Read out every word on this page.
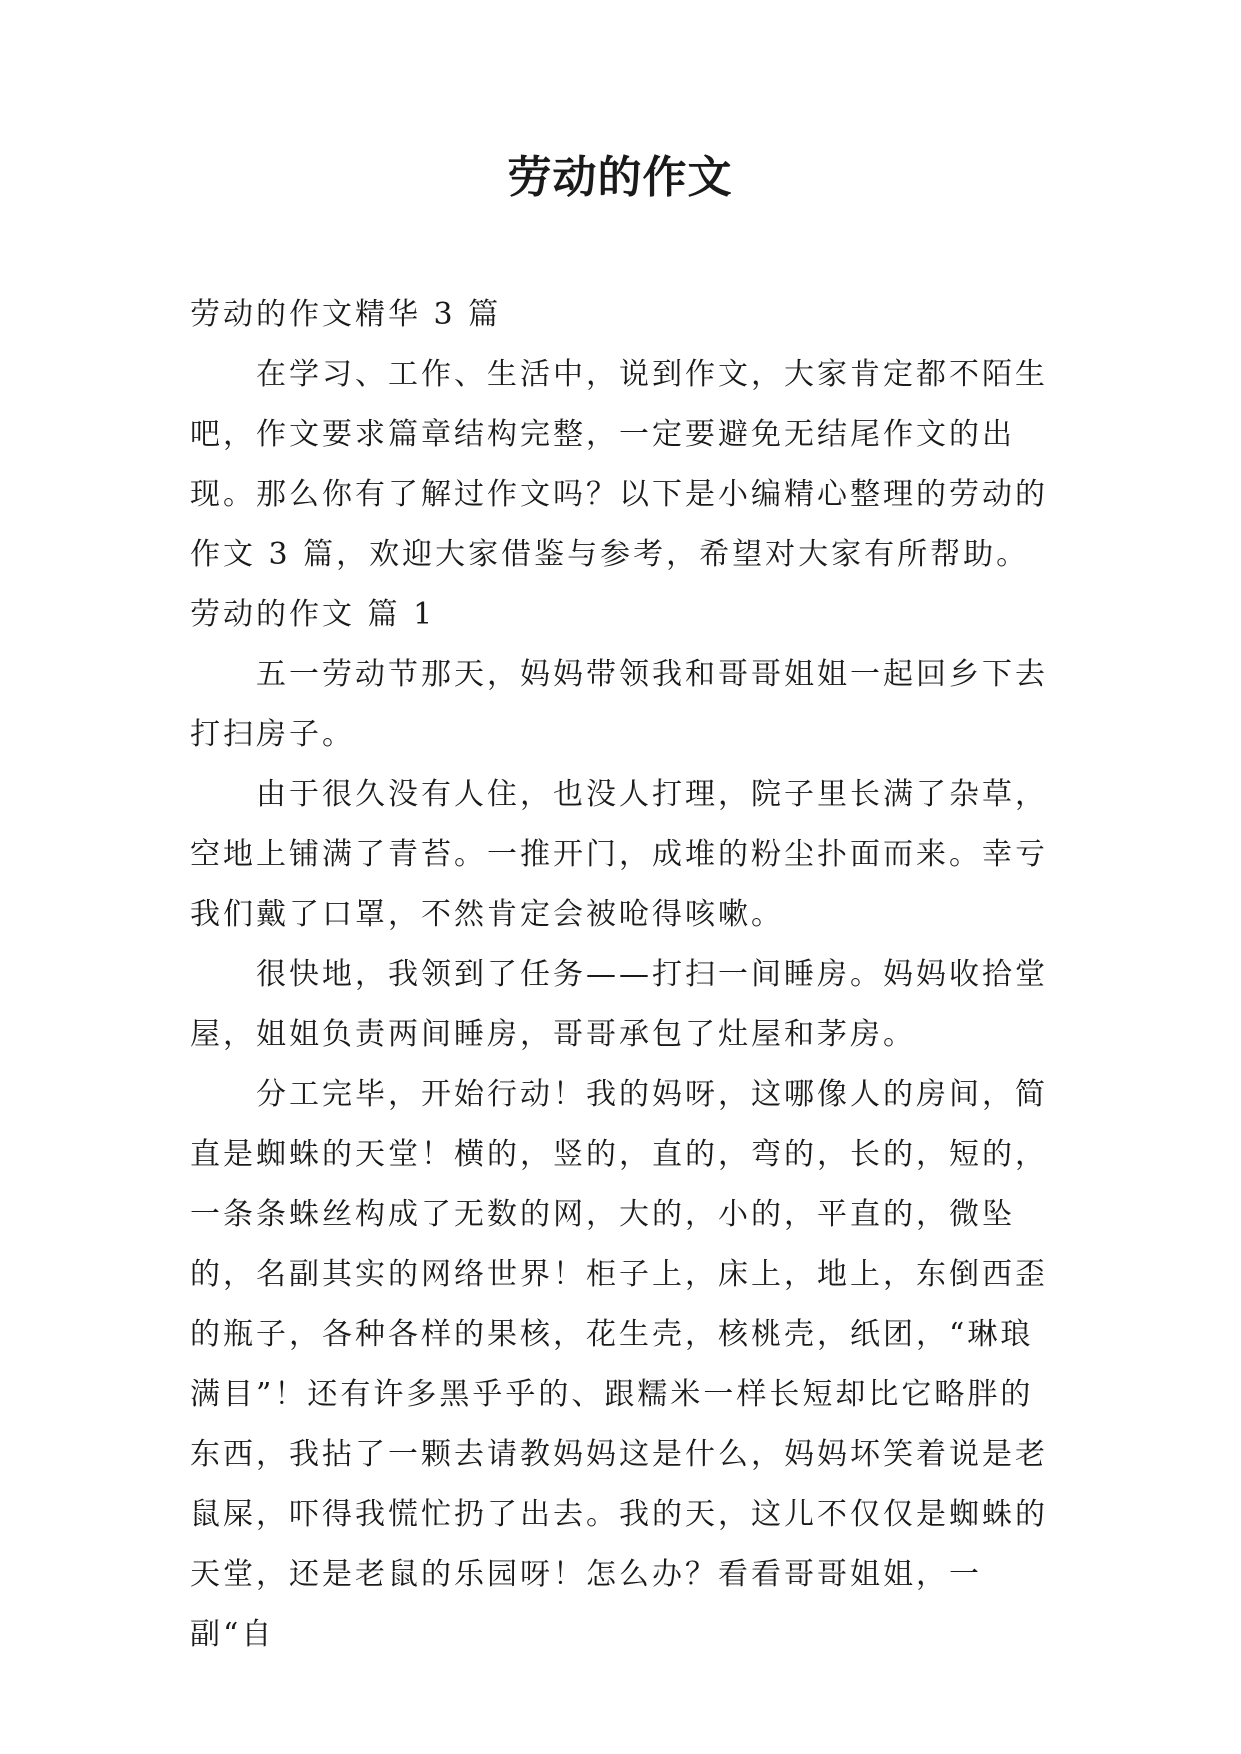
劳动的作文

劳动的作文精华 3 篇

在学习、工作、生活中，说到作文，大家肯定都不陌生吧，作文要求篇章结构完整，一定要避免无结尾作文的出现。那么你有了解过作文吗？以下是小编精心整理的劳动的作文 3 篇，欢迎大家借鉴与参考，希望对大家有所帮助。

劳动的作文 篇 1

五一劳动节那天，妈妈带领我和哥哥姐姐一起回乡下去打扫房子。

由于很久没有人住，也没人打理，院子里长满了杂草，空地上铺满了青苔。一推开门，成堆的粉尘扑面而来。幸亏我们戴了口罩，不然肯定会被呛得咳嗽。

很快地，我领到了任务——打扫一间睡房。妈妈收拾堂屋，姐姐负责两间睡房，哥哥承包了灶屋和茅房。

分工完毕，开始行动！我的妈呀，这哪像人的房间，简直是蜘蛛的天堂！横的，竖的，直的，弯的，长的，短的，一条条蛛丝构成了无数的网，大的，小的，平直的，微坠的，名副其实的网络世界！柜子上，床上，地上，东倒西歪的瓶子，各种各样的果核，花生壳，核桃壳，纸团，“琳琅满目”！还有许多黑乎乎的、跟糯米一样长短却比它略胖的东西，我拈了一颗去请教妈妈这是什么，妈妈坏笑着说是老鼠屎，吓得我慌忙扔了出去。我的天，这儿不仅仅是蜘蛛的天堂，还是老鼠的乐园呀！怎么办？看看哥哥姐姐，一副“自
